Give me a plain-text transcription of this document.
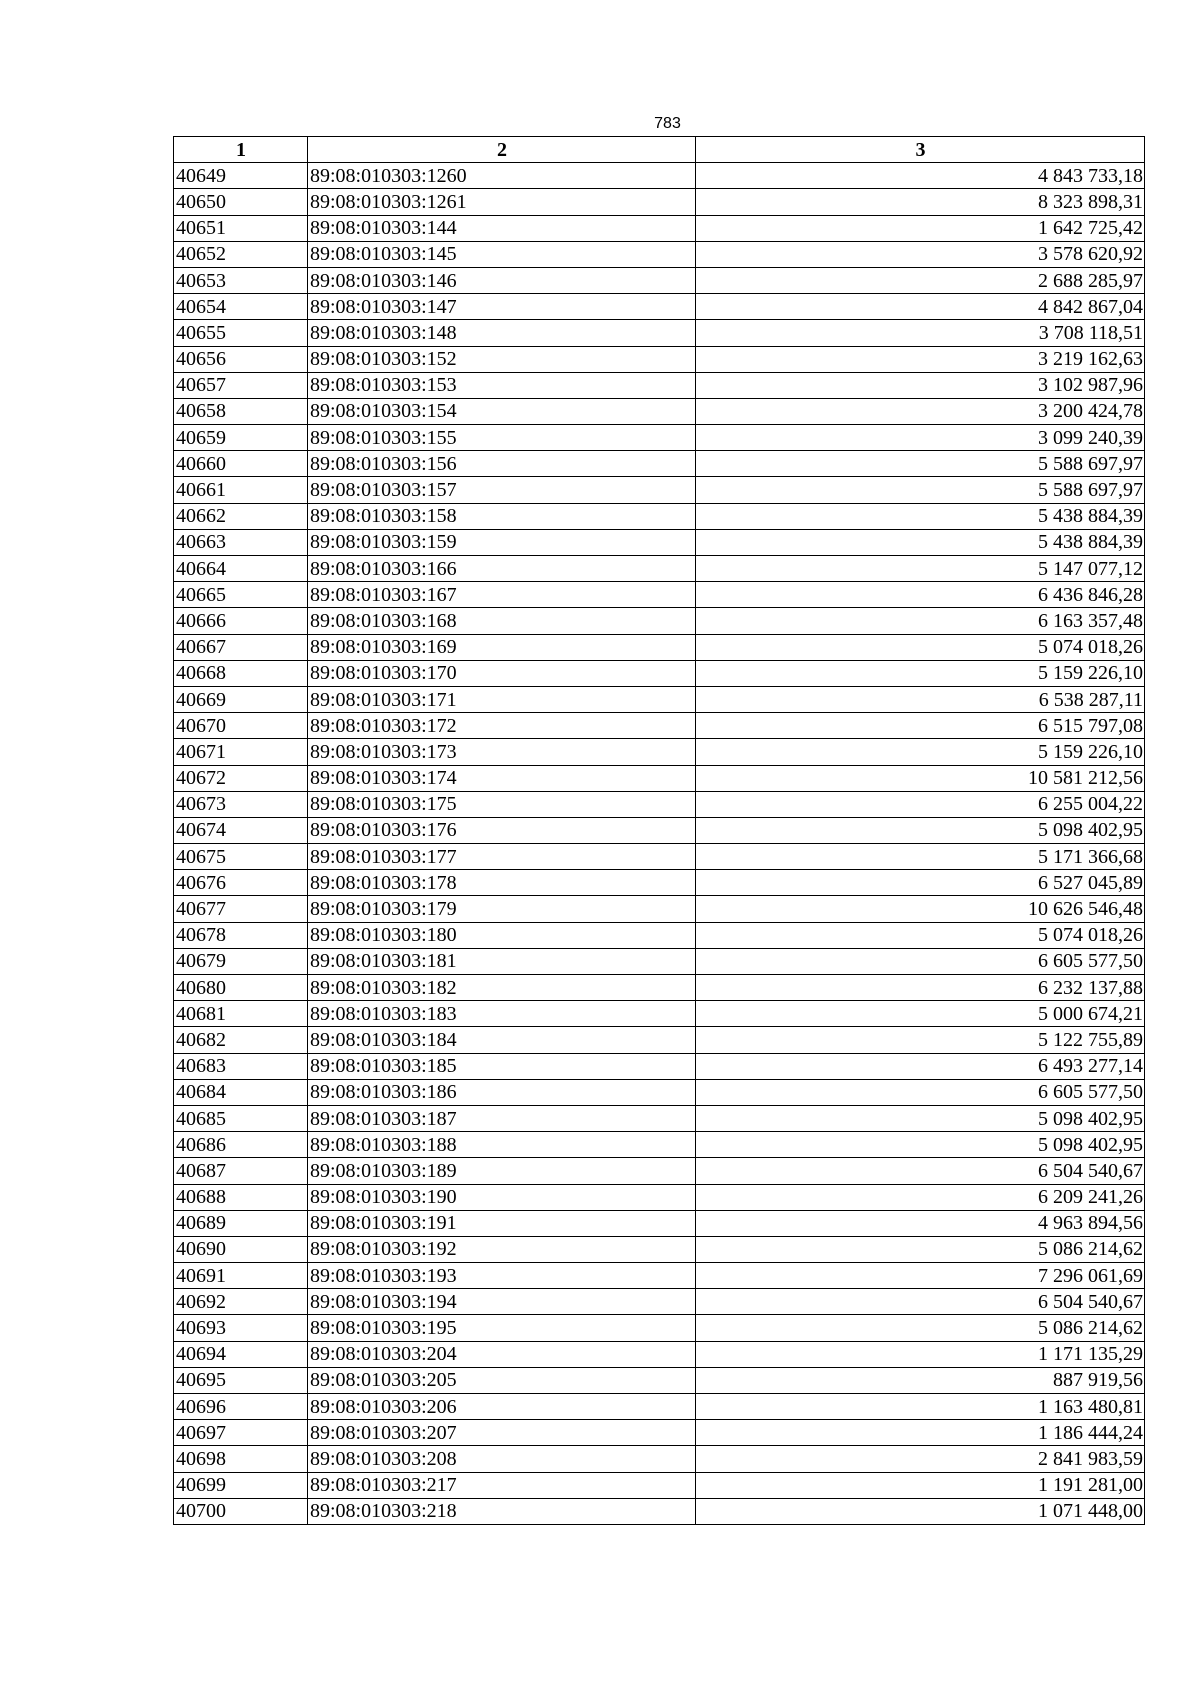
783
1	2	3
40649	89:08:010303:1260	4 843 733,18
40650	89:08:010303:1261	8 323 898,31
40651	89:08:010303:144	1 642 725,42
40652	89:08:010303:145	3 578 620,92
40653	89:08:010303:146	2 688 285,97
40654	89:08:010303:147	4 842 867,04
40655	89:08:010303:148	3 708 118,51
40656	89:08:010303:152	3 219 162,63
40657	89:08:010303:153	3 102 987,96
40658	89:08:010303:154	3 200 424,78
40659	89:08:010303:155	3 099 240,39
40660	89:08:010303:156	5 588 697,97
40661	89:08:010303:157	5 588 697,97
40662	89:08:010303:158	5 438 884,39
40663	89:08:010303:159	5 438 884,39
40664	89:08:010303:166	5 147 077,12
40665	89:08:010303:167	6 436 846,28
40666	89:08:010303:168	6 163 357,48
40667	89:08:010303:169	5 074 018,26
40668	89:08:010303:170	5 159 226,10
40669	89:08:010303:171	6 538 287,11
40670	89:08:010303:172	6 515 797,08
40671	89:08:010303:173	5 159 226,10
40672	89:08:010303:174	10 581 212,56
40673	89:08:010303:175	6 255 004,22
40674	89:08:010303:176	5 098 402,95
40675	89:08:010303:177	5 171 366,68
40676	89:08:010303:178	6 527 045,89
40677	89:08:010303:179	10 626 546,48
40678	89:08:010303:180	5 074 018,26
40679	89:08:010303:181	6 605 577,50
40680	89:08:010303:182	6 232 137,88
40681	89:08:010303:183	5 000 674,21
40682	89:08:010303:184	5 122 755,89
40683	89:08:010303:185	6 493 277,14
40684	89:08:010303:186	6 605 577,50
40685	89:08:010303:187	5 098 402,95
40686	89:08:010303:188	5 098 402,95
40687	89:08:010303:189	6 504 540,67
40688	89:08:010303:190	6 209 241,26
40689	89:08:010303:191	4 963 894,56
40690	89:08:010303:192	5 086 214,62
40691	89:08:010303:193	7 296 061,69
40692	89:08:010303:194	6 504 540,67
40693	89:08:010303:195	5 086 214,62
40694	89:08:010303:204	1 171 135,29
40695	89:08:010303:205	887 919,56
40696	89:08:010303:206	1 163 480,81
40697	89:08:010303:207	1 186 444,24
40698	89:08:010303:208	2 841 983,59
40699	89:08:010303:217	1 191 281,00
40700	89:08:010303:218	1 071 448,00
